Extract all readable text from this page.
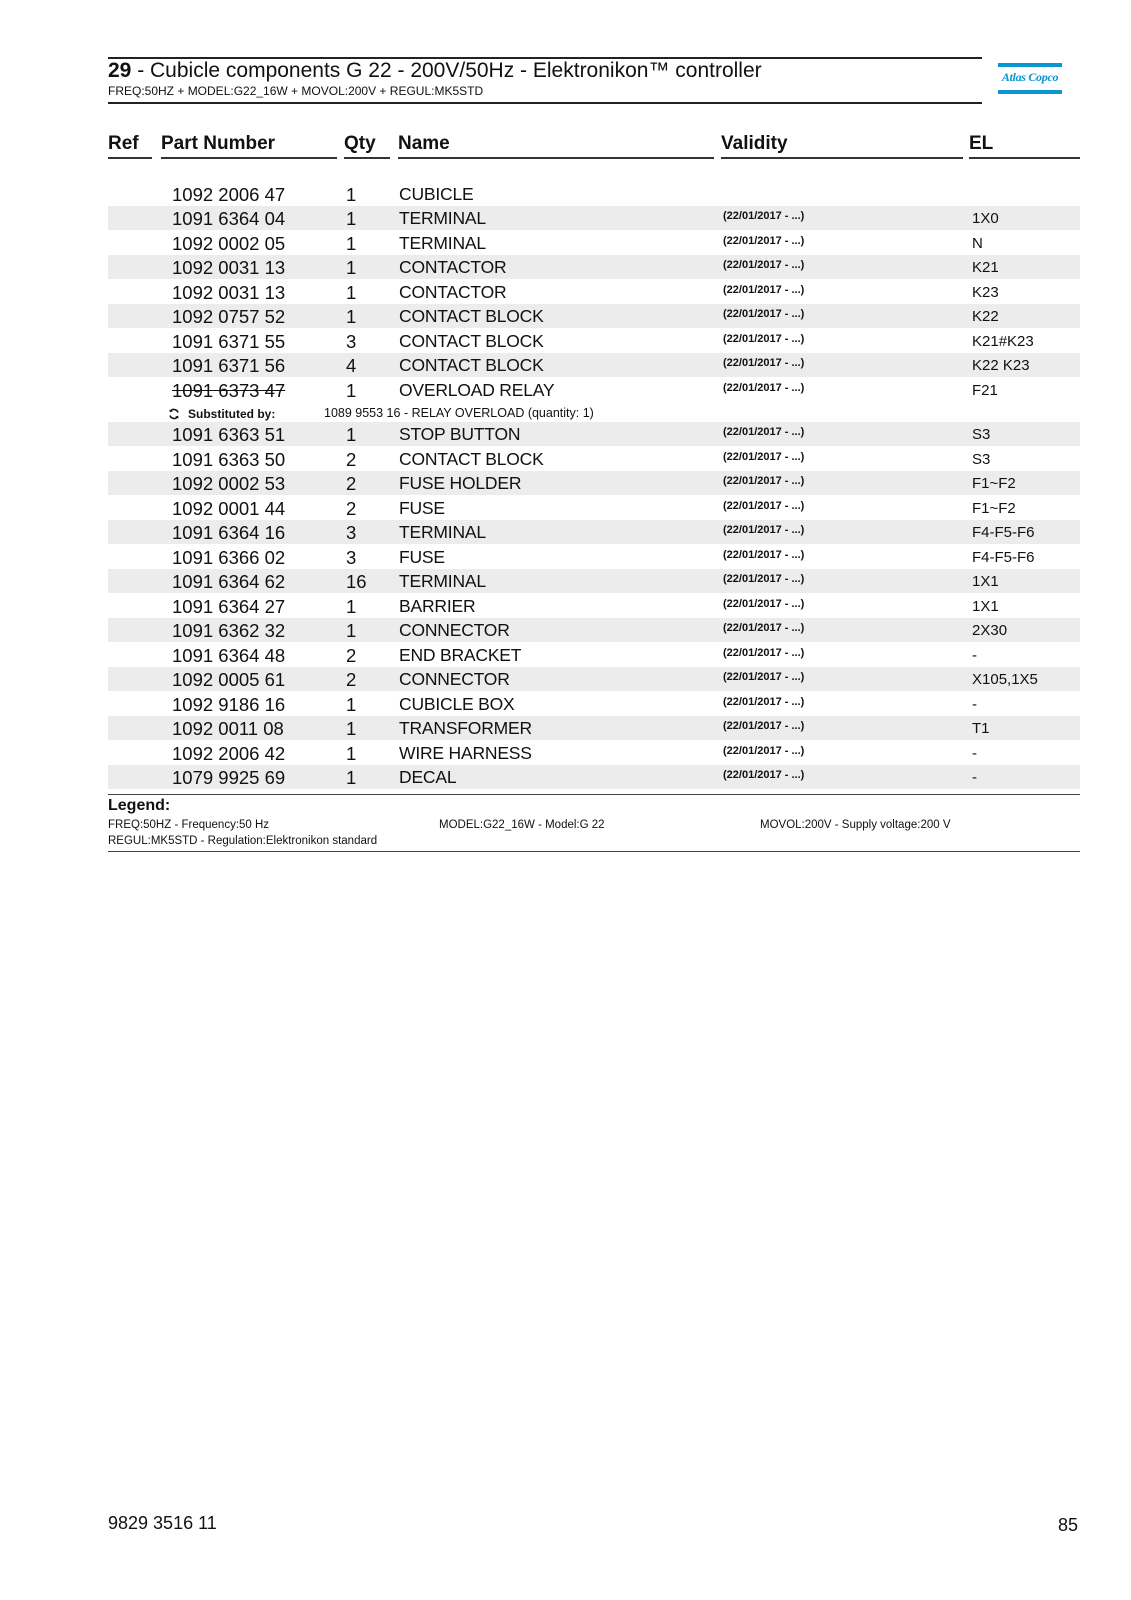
29 - Cubicle components G 22 - 200V/50Hz - Elektronikon™ controller
FREQ:50HZ + MODEL:G22_16W + MOVOL:200V + REGUL:MK5STD
Atlas Copco
Ref Part Number	Qty Name	Validity	EL
1092 2006 47	1 CUBICLE
1091 6364 04	1 TERMINAL	(22/01/2017 - ...)	1X0
1092 0002 05	1 TERMINAL	(22/01/2017 - ...)	N
1092 0031 13	1 CONTACTOR	(22/01/2017 - ...)	K21
1092 0031 13	1 CONTACTOR	(22/01/2017 - ...)	K23
1092 0757 52	1 CONTACT BLOCK	(22/01/2017 - ...)	K22
1091 6371 55	3 CONTACT BLOCK	(22/01/2017 - ...)	K21#K23
1091 6371 56	4 CONTACT BLOCK	(22/01/2017 - ...)	K22 K23
1091 6373 47	1 OVERLOAD RELAY	(22/01/2017 - ...)	F21
Substituted by:	1089 9553 16 - RELAY OVERLOAD (quantity: 1)
1091 6363 51	1 STOP BUTTON	(22/01/2017 - ...)	S3
1091 6363 50	2 CONTACT BLOCK	(22/01/2017 - ...)	S3
1092 0002 53	2 FUSE HOLDER	(22/01/2017 - ...)	F1~F2
1092 0001 44	2 FUSE	(22/01/2017 - ...)	F1~F2
1091 6364 16	3 TERMINAL	(22/01/2017 - ...)	F4-F5-F6
1091 6366 02	3 FUSE	(22/01/2017 - ...)	F4-F5-F6
1091 6364 62	16 TERMINAL	(22/01/2017 - ...)	1X1
1091 6364 27	1 BARRIER	(22/01/2017 - ...)	1X1
1091 6362 32	1 CONNECTOR	(22/01/2017 - ...)	2X30
1091 6364 48	2 END BRACKET	(22/01/2017 - ...)	-
1092 0005 61	2 CONNECTOR	(22/01/2017 - ...)	X105,1X5
1092 9186 16	1 CUBICLE BOX	(22/01/2017 - ...)	-
1092 0011 08	1 TRANSFORMER	(22/01/2017 - ...)	T1
1092 2006 42	1 WIRE HARNESS	(22/01/2017 - ...)	-
1079 9925 69	1 DECAL	(22/01/2017 - ...)	-
Legend:
FREQ:50HZ - Frequency:50 Hz	MODEL:G22_16W - Model:G 22	MOVOL:200V - Supply voltage:200 V
REGUL:MK5STD - Regulation:Elektronikon standard
9829 3516 11	85
